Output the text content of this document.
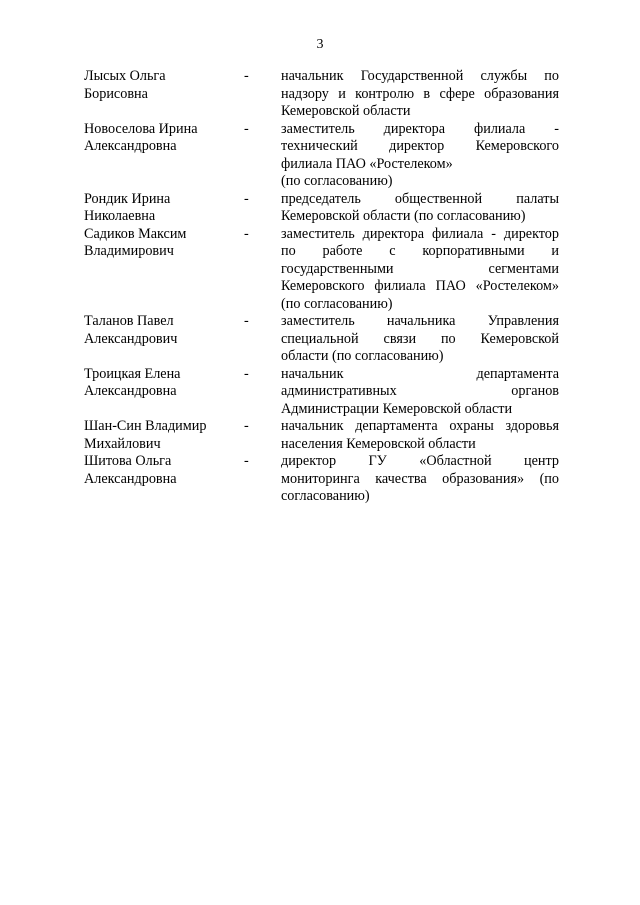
3
Лысых Ольга
Борисовна
-	начальник Государственной службы по
надзору и контролю в сфере образования
Кемеровской области
Новоселова Ирина
Александровна
-	заместитель директора филиала -
технический директор Кемеровского
филиала ПАО «Ростелеком»
(по согласованию)
Рондик Ирина
Николаевна
-	председатель общественной палаты
Кемеровской области (по согласованию)
Садиков Максим
Владимирович
-	заместитель директора филиала - директор
по работе с корпоративными и
государственными сегментами
Кемеровского филиала ПАО «Ростелеком»
(по согласованию)
Таланов Павел
Александрович
-	заместитель начальника Управления
специальной связи по Кемеровской
области (по согласованию)
Троицкая Елена
Александровна
-	начальник департамента
административных органов
Администрации Кемеровской области
Шан-Син Владимир
Михайлович
-	начальник департамента охраны здоровья
населения Кемеровской области
Шитова Ольга
Александровна
-	директор ГУ «Областной центр
мониторинга качества образования» (по
согласованию)
